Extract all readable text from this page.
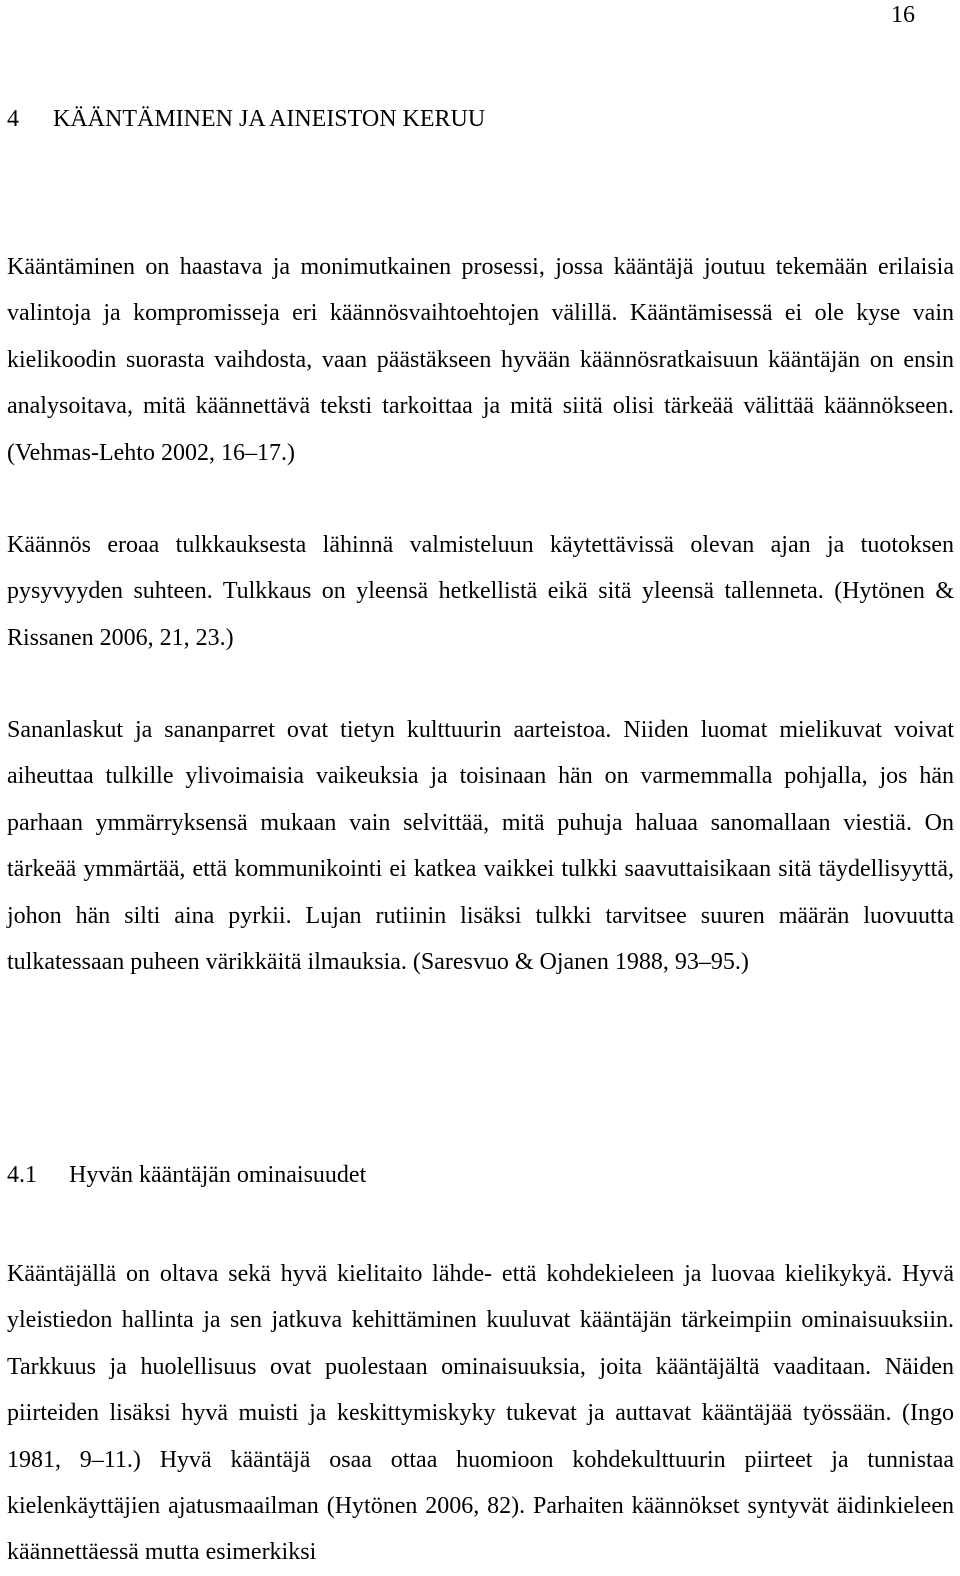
16
4 KÄÄNTÄMINEN JA AINEISTON KERUU

Kääntäminen on haastava ja monimutkainen prosessi, jossa kääntäjä joutuu tekemään erilaisia valintoja ja kompromisseja eri käännösvaihtoehtojen välillä. Kääntämisessä ei ole kyse vain kielikoodin suorasta vaihdosta, vaan päästäkseen hyvään käännösratkaisuun kääntäjän on ensin analysoitava, mitä käännettävä teksti tarkoittaa ja mitä siitä olisi tärkeää välittää käännökseen. (Vehmas-Lehto 2002, 16–17.)

Käännös eroaa tulkkauksesta lähinnä valmisteluun käytettävissä olevan ajan ja tuotoksen pysyvyyden suhteen. Tulkkaus on yleensä hetkellistä eikä sitä yleensä tallenneta. (Hytönen & Rissanen 2006, 21, 23.)

Sananlaskut ja sananparret ovat tietyn kulttuurin aarteistoa. Niiden luomat mielikuvat voivat aiheuttaa tulkille ylivoimaisia vaikeuksia ja toisinaan hän on varmemmalla pohjalla, jos hän parhaan ymmärryksensä mukaan vain selvittää, mitä puhuja haluaa sanomallaan viestiä. On tärkeää ymmärtää, että kommunikointi ei katkea vaikkei tulkki saavuttaisikaan sitä täydellisyyttä, johon hän silti aina pyrkii. Lujan rutiinin lisäksi tulkki tarvitsee suuren määrän luovuutta tulkatessaan puheen värikkäitä ilmauksia. (Saresvuo & Ojanen 1988, 93–95.)

4.1 Hyvän kääntäjän ominaisuudet

Kääntäjällä on oltava sekä hyvä kielitaito lähde- että kohdekieleen ja luovaa kielikykyä. Hyvä yleistiedon hallinta ja sen jatkuva kehittäminen kuuluvat kääntäjän tärkeimpiin ominaisuuksiin. Tarkkuus ja huolellisuus ovat puolestaan ominaisuuksia, joita kääntäjältä vaaditaan. Näiden piirteiden lisäksi hyvä muisti ja keskittymiskyky tukevat ja auttavat kääntäjää työssään. (Ingo 1981, 9–11.) Hyvä kääntäjä osaa ottaa huomioon kohdekulttuurin piirteet ja tunnistaa kielenkäyttäjien ajatusmaailman (Hytönen 2006, 82). Parhaiten käännökset syntyvät äidinkieleen käännettäessä mutta esimerkiksi
